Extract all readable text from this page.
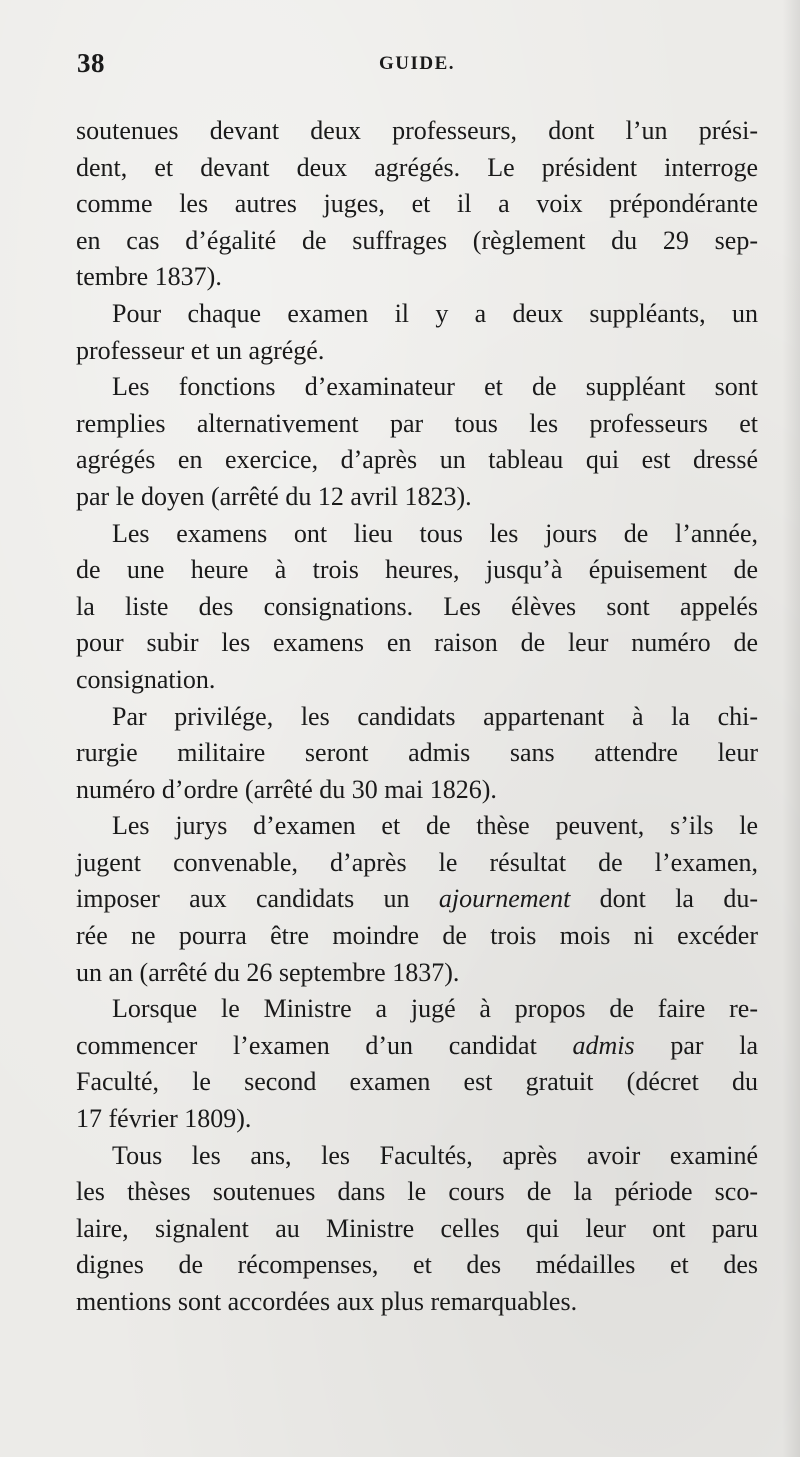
38	GUIDE.
soutenues devant deux professeurs, dont l’un prési-
dent, et devant deux agrégés. Le président interroge
comme les autres juges, et il a voix prépondérante
en cas d’égalité de suffrages (règlement du 29 sep-
tembre 1837).
Pour chaque examen il y a deux suppléants, un
professeur et un agrégé.
Les fonctions d’examinateur et de suppléant sont
remplies alternativement par tous les professeurs et
agrégés en exercice, d’après un tableau qui est dressé
par le doyen (arrêté du 12 avril 1823).
Les examens ont lieu tous les jours de l’année,
de une heure à trois heures, jusqu’à épuisement de
la liste des consignations. Les élèves sont appelés
pour subir les examens en raison de leur numéro de
consignation.
Par privilége, les candidats appartenant à la chi-
rurgie militaire seront admis sans attendre leur
numéro d’ordre (arrêté du 30 mai 1826).
Les jurys d’examen et de thèse peuvent, s’ils le
jugent convenable, d’après le résultat de l’examen,
imposer aux candidats un ajournement dont la du-
rée ne pourra être moindre de trois mois ni excéder
un an (arrêté du 26 septembre 1837).
Lorsque le Ministre a jugé à propos de faire re-
commencer l’examen d’un candidat admis par la
Faculté, le second examen est gratuit (décret du
17 février 1809).
Tous les ans, les Facultés, après avoir examiné
les thèses soutenues dans le cours de la période sco-
laire, signalent au Ministre celles qui leur ont paru
dignes de récompenses, et des médailles et des
mentions sont accordées aux plus remarquables.
